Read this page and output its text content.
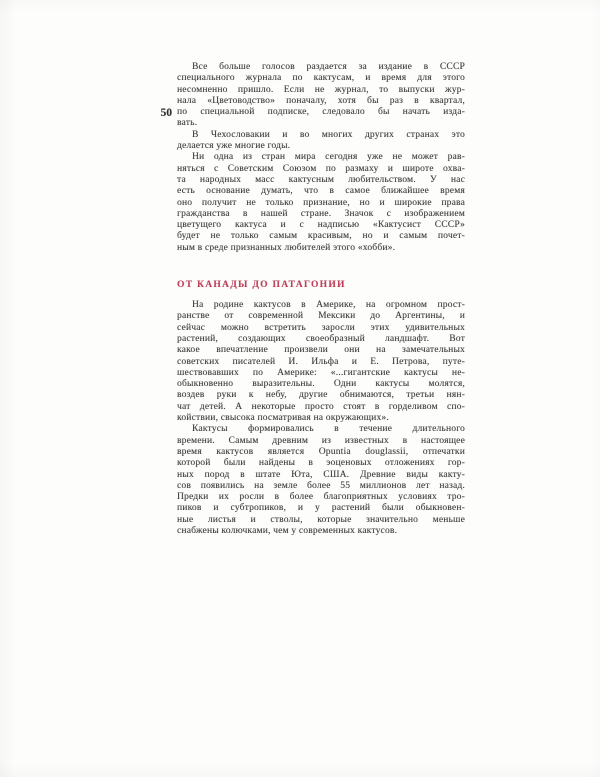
50
Все больше голосов раздается за издание в СССР
специального журнала по кактусам, и время для этого
несомненно пришло. Если не журнал, то выпуски жур-
нала «Цветоводство» поначалу, хотя бы раз в квартал,
по специальной подписке, следовало бы начать изда-
вать.
В Чехословакии и во многих других странах это
делается уже многие годы.
Ни одна из стран мира сегодня уже не может рав-
няться с Советским Союзом по размаху и широте охва-
та народных масс кактусным любительством. У нас
есть основание думать, что в самое ближайшее время
оно получит не только признание, но и широкие права
гражданства в нашей стране. Значок с изображением
цветущего кактуса и с надписью «Кактусист СССР»
будет не только самым красивым, но и самым почет-
ным в среде признанных любителей этого «хобби».
ОТ КАНАДЫ ДО ПАТАГОНИИ
На родине кактусов в Америке, на огромном прост-
ранстве от современной Мексики до Аргентины, и
сейчас можно встретить заросли этих удивительных
растений, создающих своеобразный ландшафт. Вот
какое впечатление произвели они на замечательных
советских писателей И. Ильфа и Е. Петрова, путе-
шествовавших по Америке: «...гигантские кактусы не-
обыкновенно выразительны. Одни кактусы молятся,
воздев руки к небу, другие обнимаются, третьи нян-
чат детей. А некоторые просто стоят в горделивом спо-
койствии, свысока посматривая на окружающих».
Кактусы формировались в течение длительного
времени. Самым древним из известных в настоящее
время кактусов является Opuntia douglassii, отпечатки
которой были найдены в эоценовых отложениях гор-
ных пород в штате Юта, США. Древние виды какту-
сов появились на земле более 55 миллионов лет назад.
Предки их росли в более благоприятных условиях тро-
пиков и субтропиков, и у растений были обыкновен-
ные листья и стволы, которые значительно меньше
снабжены колючками, чем у современных кактусов.
